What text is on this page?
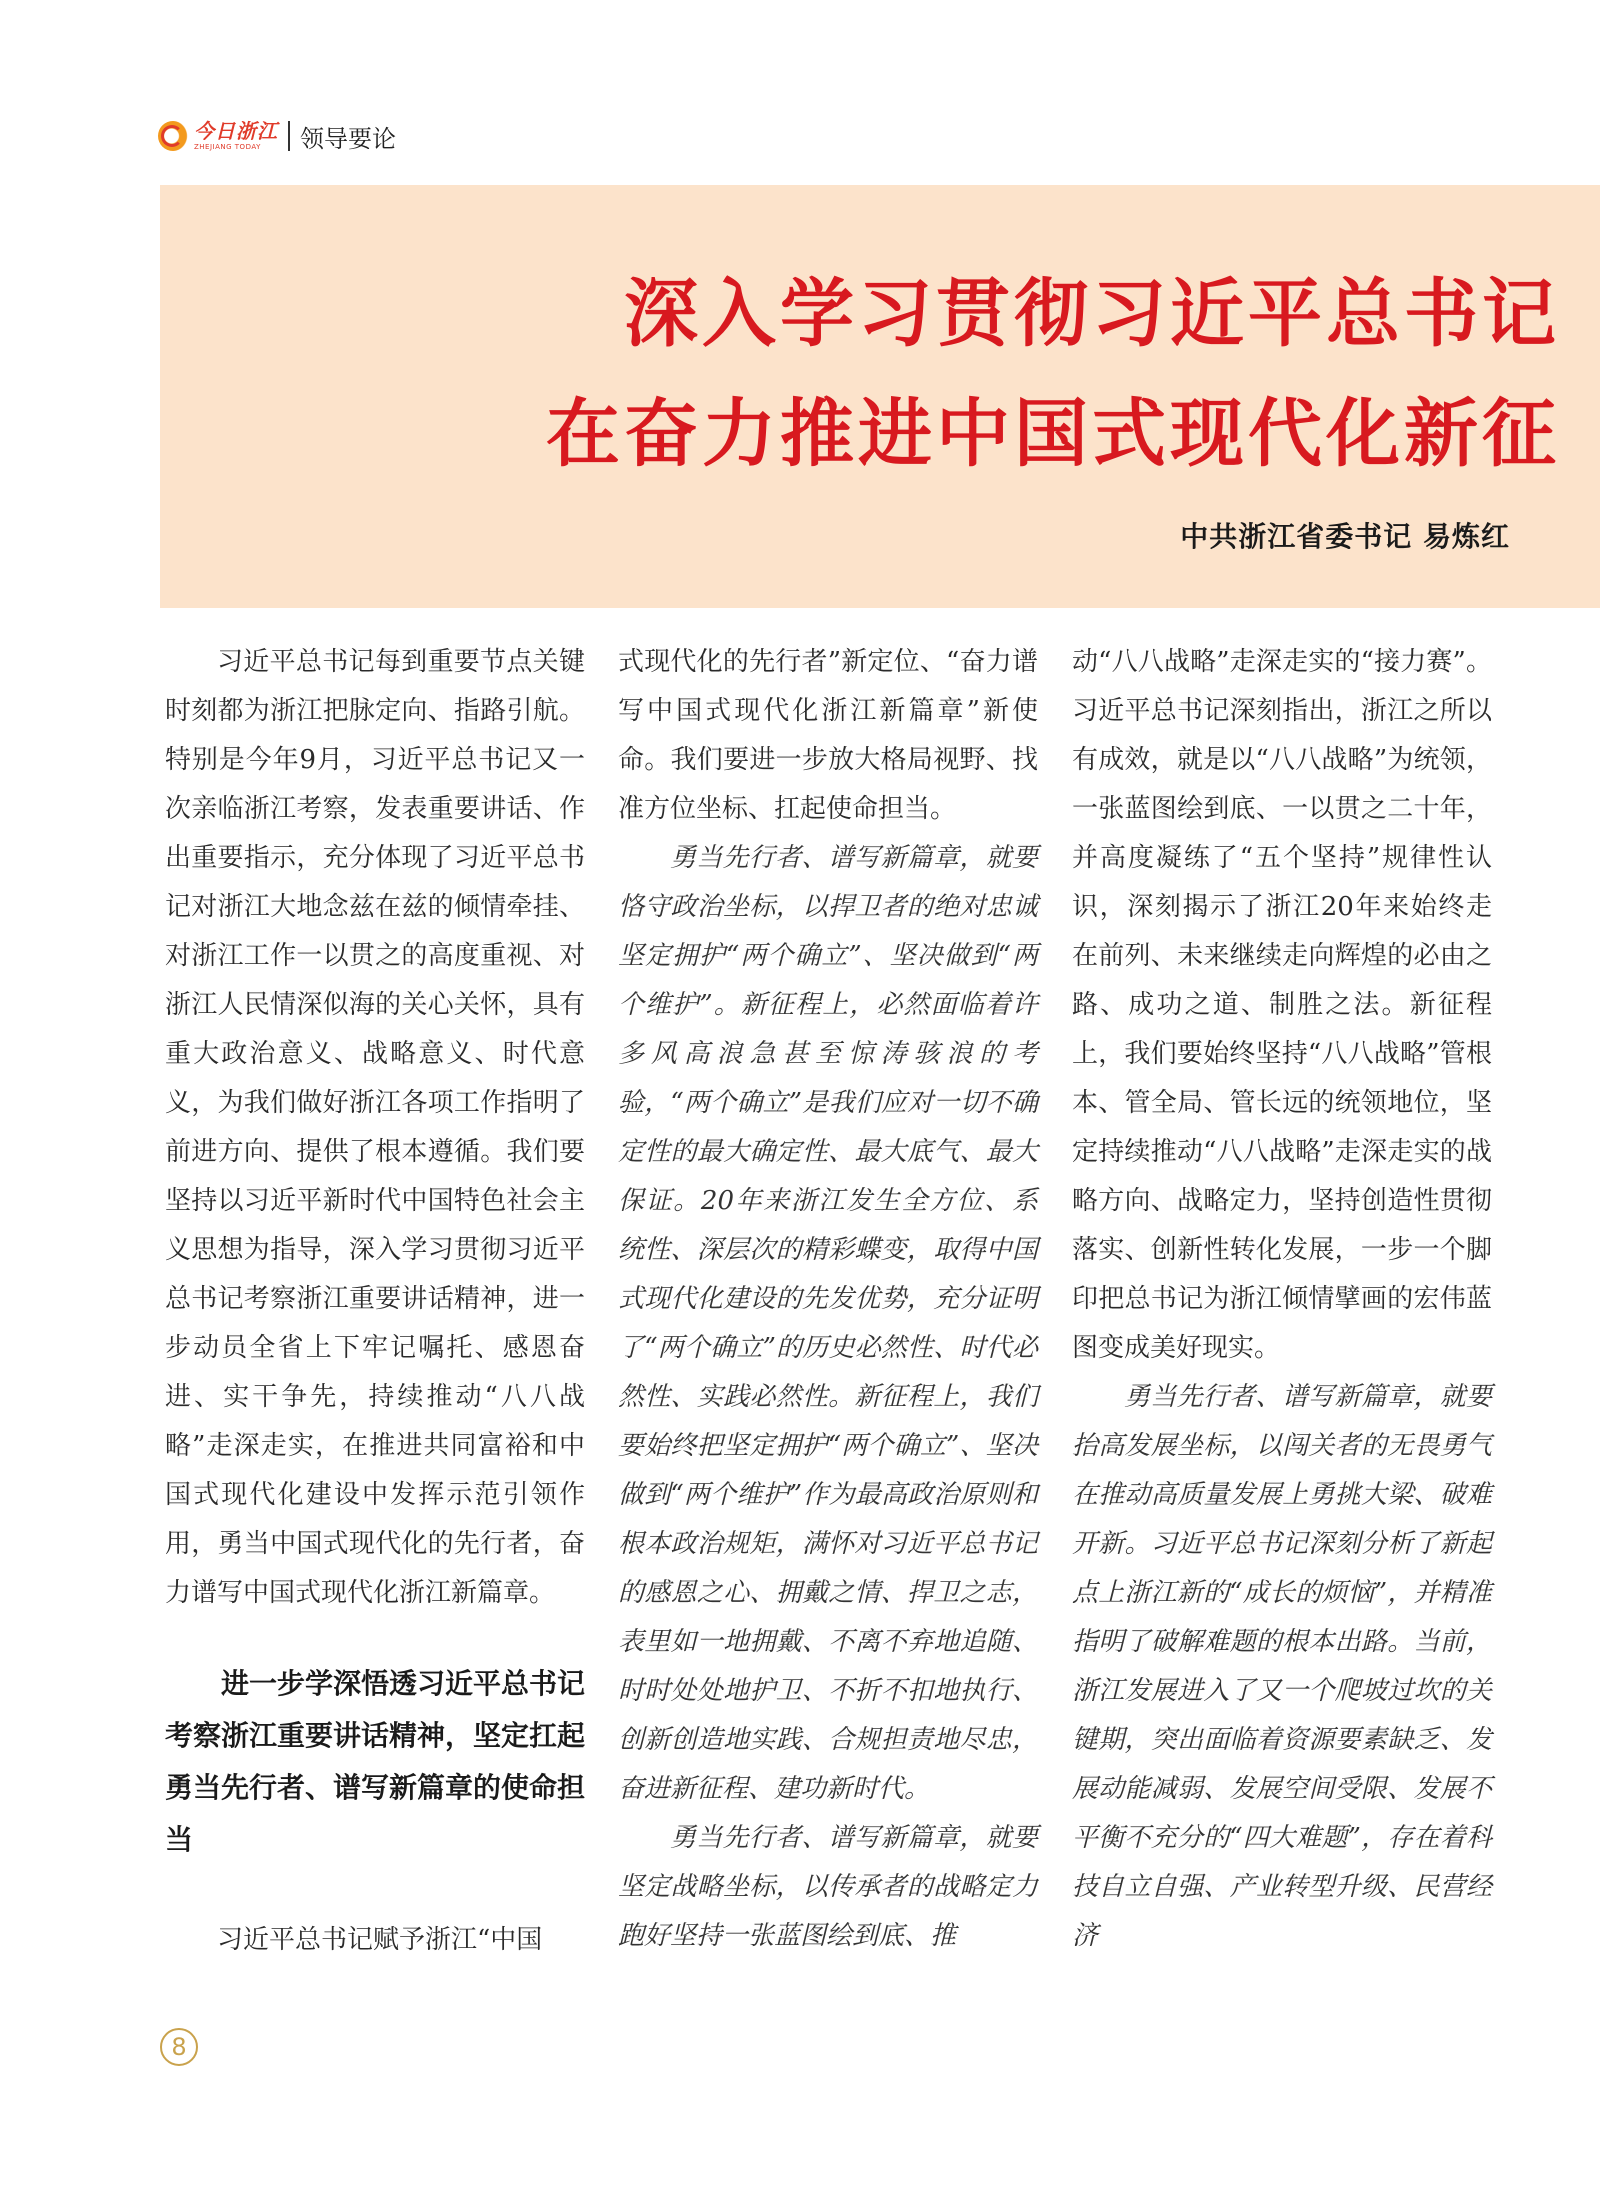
今日浙江
ZHEJIANG TODAY	领导要论
深入学习贯彻习近平总书记
在奋力推进中国式现代化新征
中共浙江省委书记 易炼红

习近平总书记每到重要节点关键时刻都为浙江把脉定向、指路引航。特别是今年9月，习近平总书记又一次亲临浙江考察，发表重要讲话、作出重要指示，充分体现了习近平总书记对浙江大地念兹在兹的倾情牵挂、对浙江工作一以贯之的高度重视、对浙江人民情深似海的关心关怀，具有重大政治意义、战略意义、时代意义，为我们做好浙江各项工作指明了前进方向、提供了根本遵循。我们要坚持以习近平新时代中国特色社会主义思想为指导，深入学习贯彻习近平总书记考察浙江重要讲话精神，进一步动员全省上下牢记嘱托、感恩奋进、实干争先，持续推动“八八战略”走深走实，在推进共同富裕和中国式现代化建设中发挥示范引领作用，勇当中国式现代化的先行者，奋力谱写中国式现代化浙江新篇章。

进一步学深悟透习近平总书记考察浙江重要讲话精神，坚定扛起勇当先行者、谱写新篇章的使命担当

习近平总书记赋予浙江“中国

式现代化的先行者”新定位、“奋力谱写中国式现代化浙江新篇章”新使命。我们要进一步放大格局视野、找准方位坐标、扛起使命担当。

勇当先行者、谱写新篇章，就要恪守政治坐标，以捍卫者的绝对忠诚坚定拥护“两个确立”、坚决做到“两个维护”。新征程上，必然面临着许多风高浪急甚至惊涛骇浪的考验，“两个确立”是我们应对一切不确定性的最大确定性、最大底气、最大保证。20年来浙江发生全方位、系统性、深层次的精彩蝶变，取得中国式现代化建设的先发优势，充分证明了“两个确立”的历史必然性、时代必然性、实践必然性。新征程上，我们要始终把坚定拥护“两个确立”、坚决做到“两个维护”作为最高政治原则和根本政治规矩，满怀对习近平总书记的感恩之心、拥戴之情、捍卫之志，表里如一地拥戴、不离不弃地追随、时时处处地护卫、不折不扣地执行、创新创造地实践、合规担责地尽忠，奋进新征程、建功新时代。

勇当先行者、谱写新篇章，就要坚定战略坐标，以传承者的战略定力跑好坚持一张蓝图绘到底、推

动“八八战略”走深走实的“接力赛”。习近平总书记深刻指出，浙江之所以有成效，就是以“八八战略”为统领，一张蓝图绘到底、一以贯之二十年，并高度凝练了“五个坚持”规律性认识，深刻揭示了浙江20年来始终走在前列、未来继续走向辉煌的必由之路、成功之道、制胜之法。新征程上，我们要始终坚持“八八战略”管根本、管全局、管长远的统领地位，坚定持续推动“八八战略”走深走实的战略方向、战略定力，坚持创造性贯彻落实、创新性转化发展，一步一个脚印把总书记为浙江倾情擘画的宏伟蓝图变成美好现实。

勇当先行者、谱写新篇章，就要抬高发展坐标，以闯关者的无畏勇气在推动高质量发展上勇挑大梁、破难开新。习近平总书记深刻分析了新起点上浙江新的“成长的烦恼”，并精准指明了破解难题的根本出路。当前，浙江发展进入了又一个爬坡过坎的关键期，突出面临着资源要素缺乏、发展动能减弱、发展空间受限、发展不平衡不充分的“四大难题”，存在着科技自立自强、产业转型升级、民营经济

8
